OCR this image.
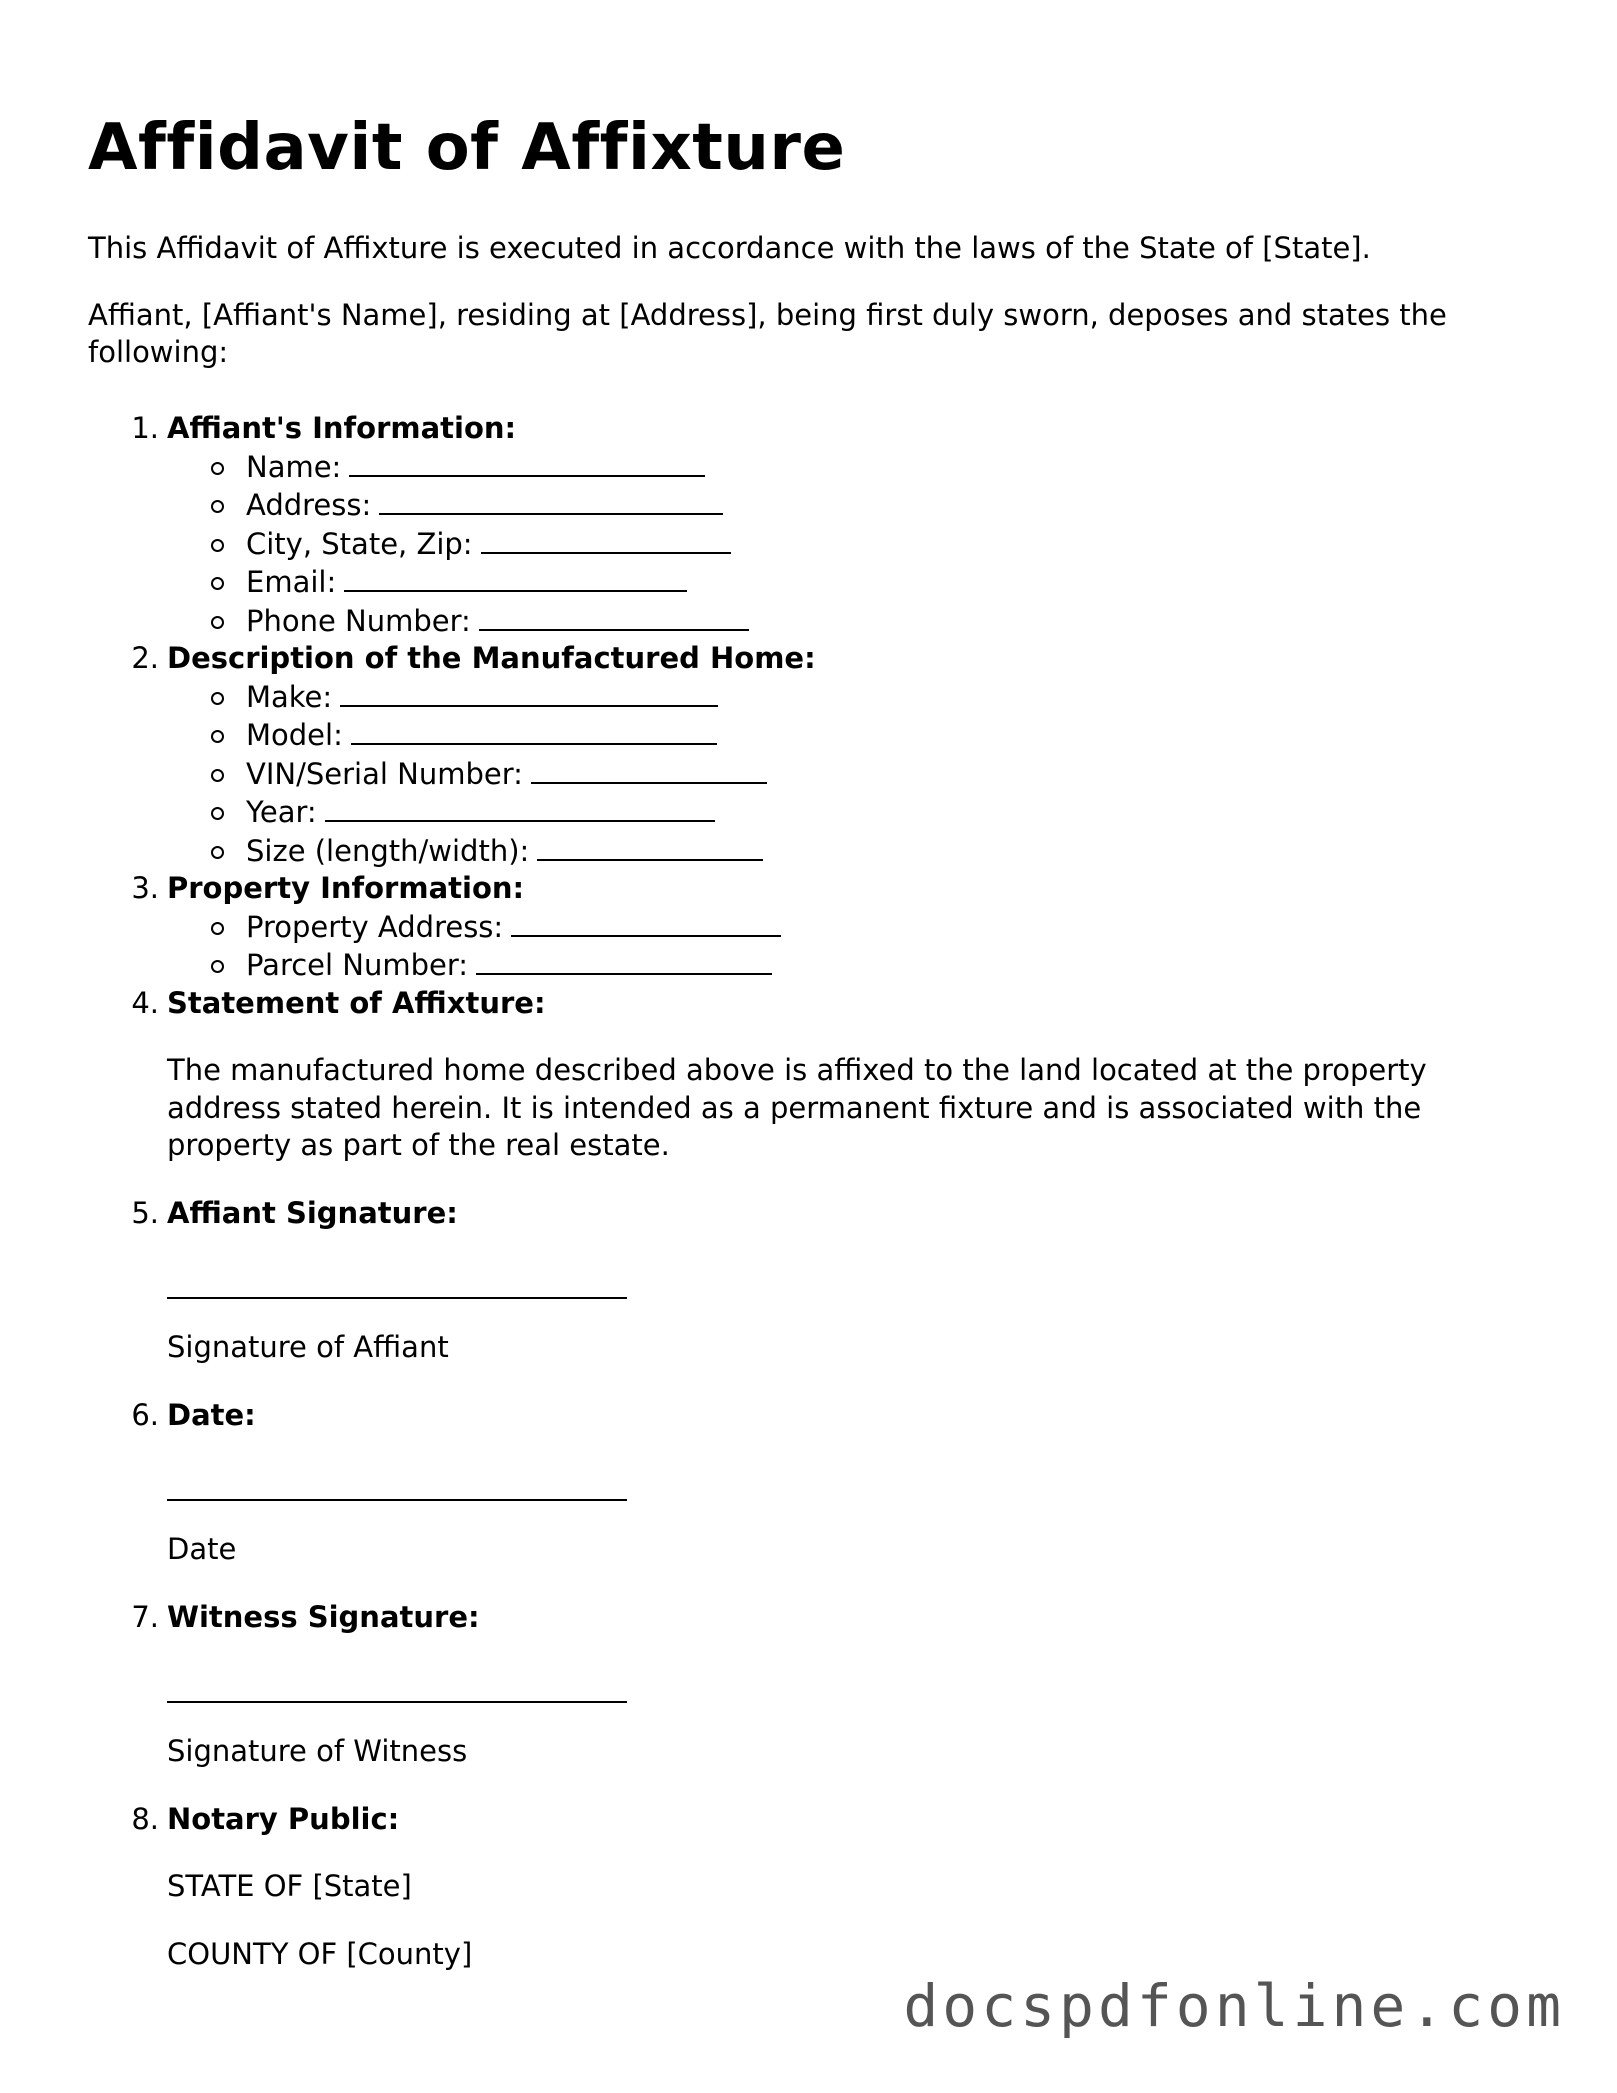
Affidavit of Affixture

This Affidavit of Affixture is executed in accordance with the laws of the State of [State].

Affiant, [Affiant's Name], residing at [Address], being first duly sworn, deposes and states the following:

1. Affiant's Information:
Name:
Address:
City, State, Zip:
Email:
Phone Number:
2. Description of the Manufactured Home:
Make:
Model:
VIN/Serial Number:
Year:
Size (length/width):
3. Property Information:
Property Address:
Parcel Number:
4. Statement of Affixture:
The manufactured home described above is affixed to the land located at the property address stated herein. It is intended as a permanent fixture and is associated with the property as part of the real estate.
5. Affiant Signature:
Signature of Affiant
6. Date:
Date
7. Witness Signature:
Signature of Witness
8. Notary Public:
STATE OF [State]
COUNTY OF [County]
docspdfonline.com
